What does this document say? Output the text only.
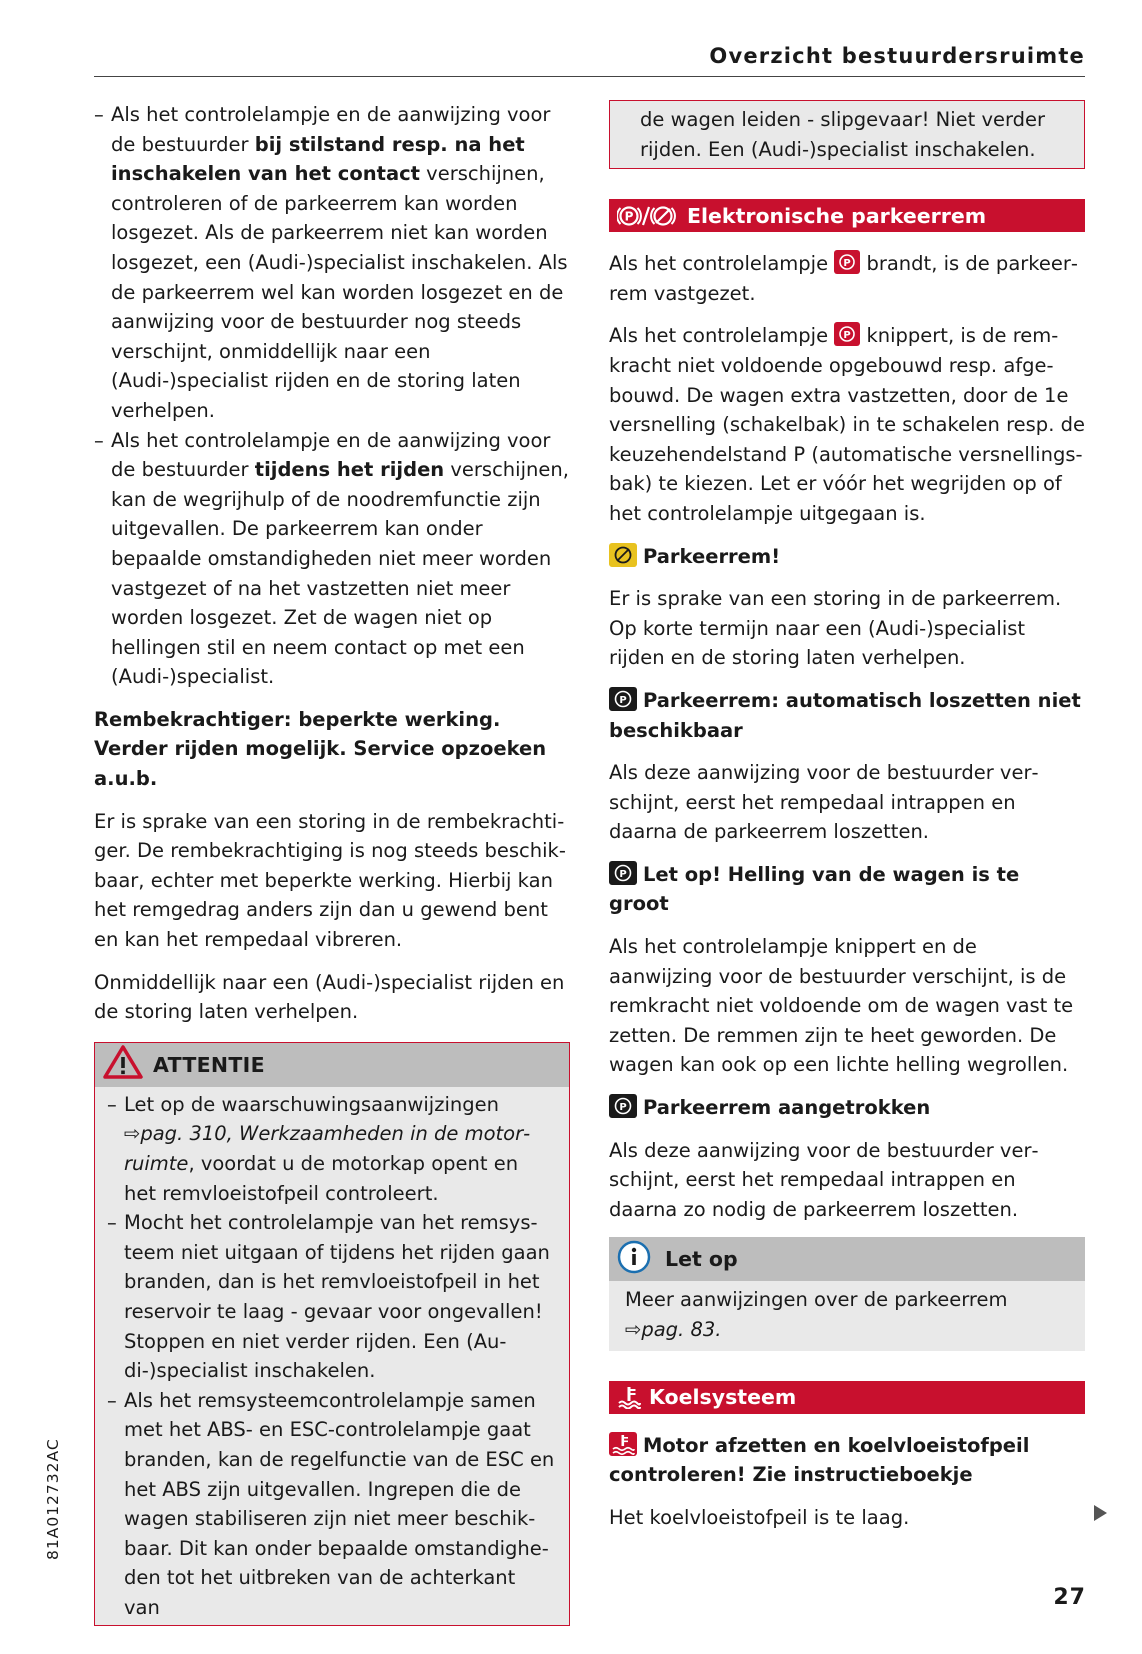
Overzicht bestuurdersruimte
– Als het controlelampje en de aanwijzing voor de bestuurder bij stilstand resp. na het inschakelen van het contact verschijnen, controleren of de parkeerrem kan worden losgezet. Als de parkeerrem niet kan worden losgezet, een (Audi-)specialist inschakelen. Als de parkeerrem wel kan worden losgezet en de aanwijzing voor de bestuurder nog steeds verschijnt, onmiddellijk naar een (Audi-)specialist rijden en de storing laten verhelpen.
– Als het controlelampje en de aanwijzing voor de bestuurder tijdens het rijden verschijnen, kan de wegrijhulp of de noodremfunctie zijn uitgevallen. De parkeerrem kan onder bepaalde omstandigheden niet meer worden vastgezet of na het vastzetten niet meer worden losgezet. Zet de wagen niet op hellingen stil en neem contact op met een (Audi-)specialist.
Rembekrachtiger: beperkte werking. Verder rijden mogelijk. Service opzoeken a.u.b.

Er is sprake van een storing in de rembekrachtiger. De rembekrachtiging is nog steeds beschikbaar, echter met beperkte werking. Hierbij kan het remgedrag anders zijn dan u gewend bent en kan het rempedaal vibreren.

Onmiddellijk naar een (Audi-)specialist rijden en de storing laten verhelpen.

ATTENTIE
– Let op de waarschuwingsaanwijzingen ⇨pag. 310, Werkzaamheden in de motorruimte, voordat u de motorkap opent en het remvloeistofpeil controleert.
– Mocht het controlelampje van het remsysteem niet uitgaan of tijdens het rijden gaan branden, dan is het remvloeistofpeil in het reservoir te laag - gevaar voor ongevallen! Stoppen en niet verder rijden. Een (Audi-)specialist inschakelen.
– Als het remsysteemcontrolelampje samen met het ABS- en ESC-controlelampje gaat branden, kan de regelfunctie van de ESC en het ABS zijn uitgevallen. Ingrepen die de wagen stabiliseren zijn niet meer beschikbaar. Dit kan onder bepaalde omstandigheden tot het uitbreken van de achterkant van
de wagen leiden - slipgevaar! Niet verder rijden. Een (Audi-)specialist inschakelen.
P	Elektronische parkeerrem

Als het controlelampje P brandt, is de parkeerrem vastgezet.

Als het controlelampje P knippert, is de remkracht niet voldoende opgebouwd resp. afgebouwd. De wagen extra vastzetten, door de 1e versnelling (schakelbak) in te schakelen resp. de keuzehendelstand P (automatische versnellingsbak) te kiezen. Let er vóór het wegrijden op of het controlelampje uitgegaan is.

Parkeerrem!

Er is sprake van een storing in de parkeerrem. Op korte termijn naar een (Audi-)specialist rijden en de storing laten verhelpen.

P Parkeerrem: automatisch loszetten niet beschikbaar

Als deze aanwijzing voor de bestuurder verschijnt, eerst het rempedaal intrappen en daarna de parkeerrem loszetten.

P Let op! Helling van de wagen is te groot

Als het controlelampje knippert en de aanwijzing voor de bestuurder verschijnt, is de remkracht niet voldoende om de wagen vast te zetten. De remmen zijn te heet geworden. De wagen kan ook op een lichte helling wegrollen.

P Parkeerrem aangetrokken

Als deze aanwijzing voor de bestuurder verschijnt, eerst het rempedaal intrappen en daarna zo nodig de parkeerrem loszetten.

Let op
Meer aanwijzingen over de parkeerrem ⇨pag. 83.
Koelsysteem
Motor afzetten en koelvloeistofpeil controleren! Zie instructieboekje

Het koelvloeistofpeil is te laag.

81A012732AC
27
